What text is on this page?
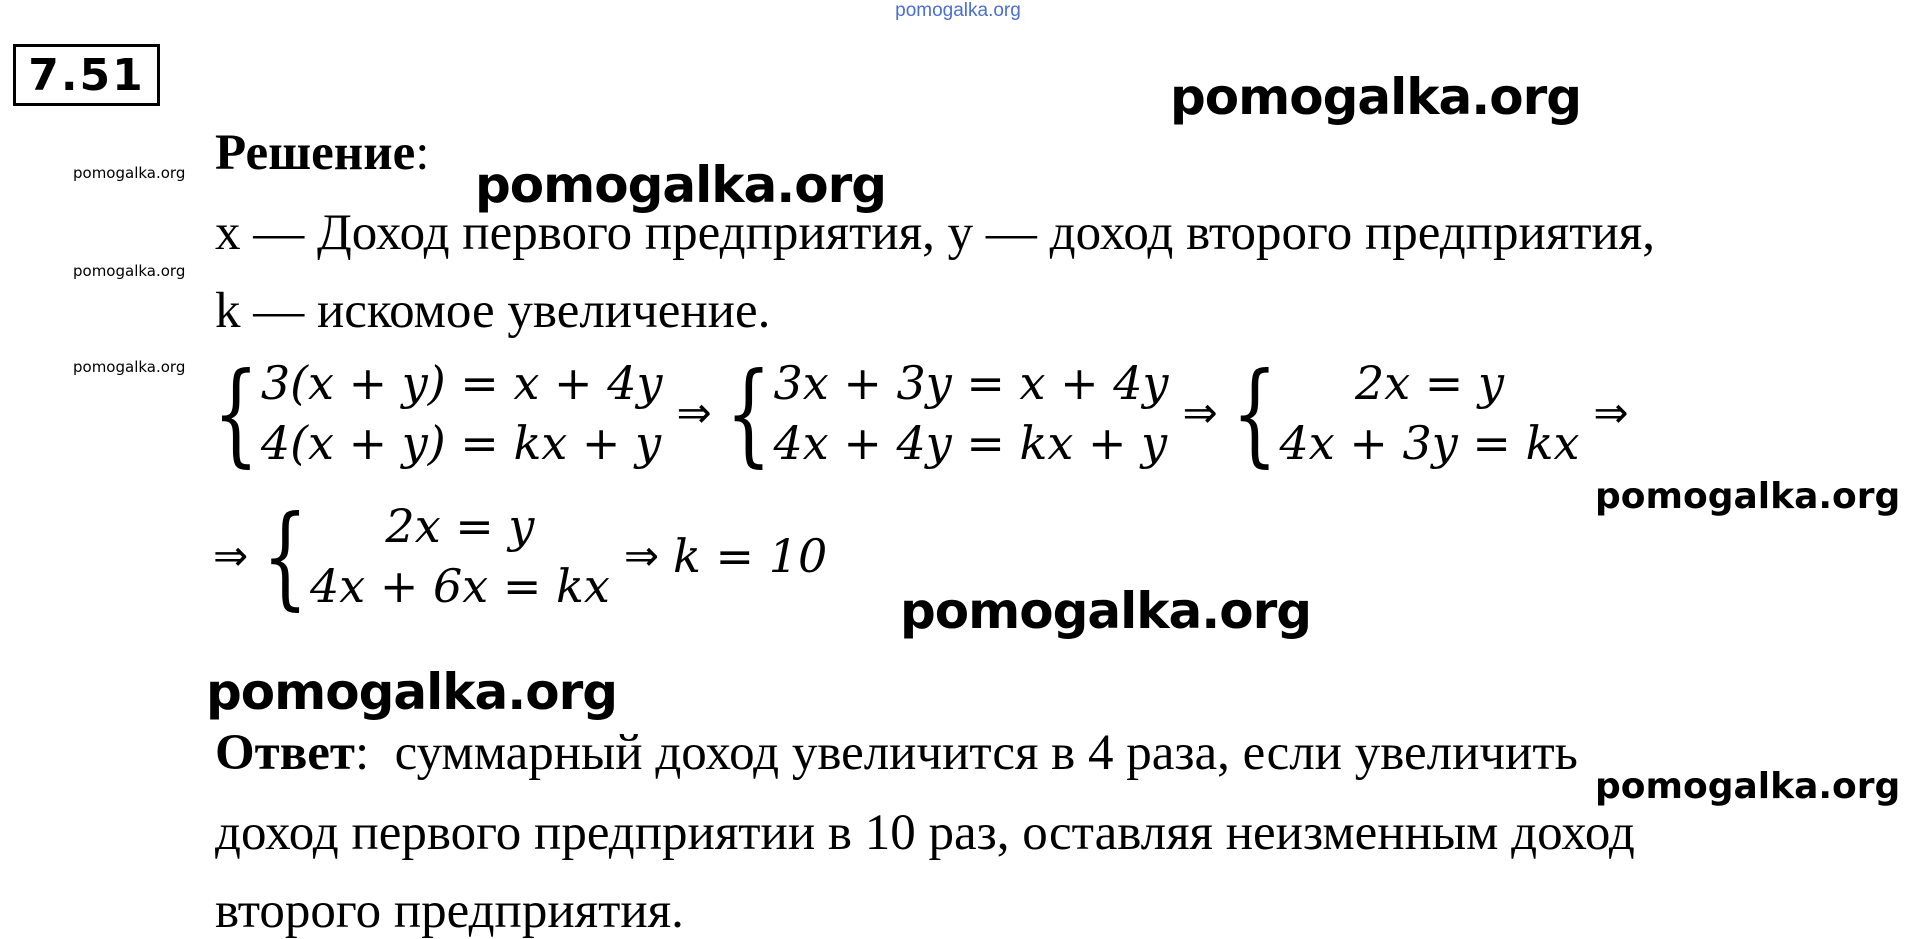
pomogalka.org
7.51	pomogalka.org
pomogalka.org
pomogalka.org
pomogalka.org
pomogalka.org
pomogalka.org
pomogalka.org
pomogalka.org
pomogalka.org
Решение:
x — Доход первого предприятия, y — доход второго предприятия,
k — искомое увеличение.
{ 3(x + y) = x + 4y
4(x + y) = kx + y
⇒ { 3x + 3y = x + 4y
4x + 4y = kx + y
⇒ {	2x = y
4x + 3y = kx
⇒
⇒ {	2x = y
4x + 6x = kx
⇒ k = 10
Ответ: суммарный доход увеличится в 4 раза, если увеличить
доход первого предприятии в 10 раз, оставляя неизменным доход
второго предприятия.
